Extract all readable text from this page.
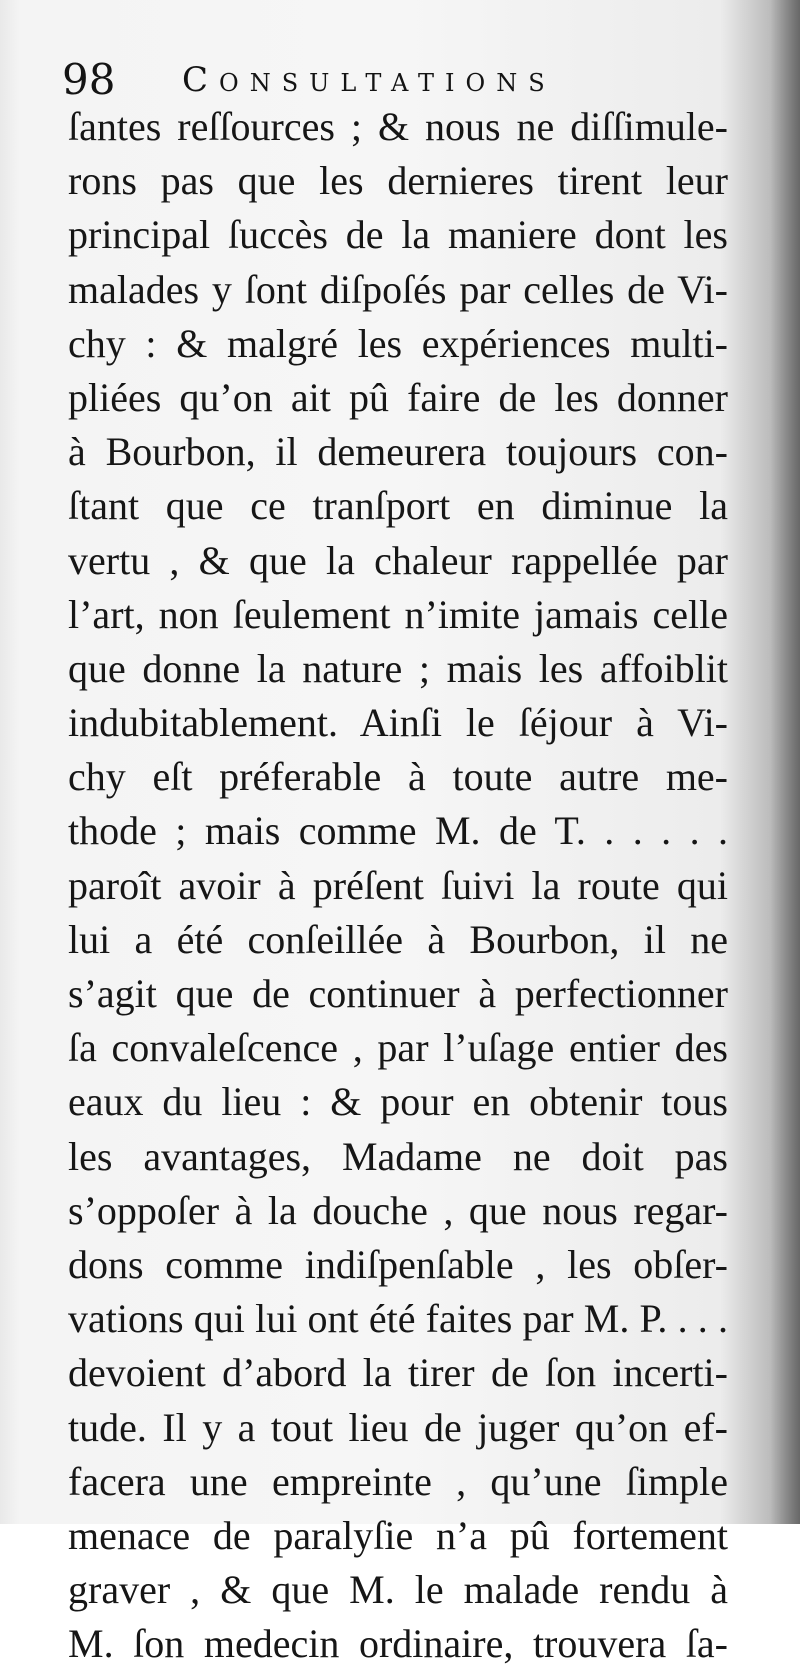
98 Consultations
ſantes reſſources ; & nous ne diſſimule-
rons pas que les dernieres tirent leur
principal ſuccès de la maniere dont les
malades y ſont diſpoſés par celles de Vi-
chy : & malgré les expériences multi-
pliées qu’on ait pû faire de les donner
à Bourbon, il demeurera toujours con-
ſtant que ce tranſport en diminue la
vertu , & que la chaleur rappellée par
l’art, non ſeulement n’imite jamais celle
que donne la nature ; mais les affoiblit
indubitablement. Ainſi le ſéjour à Vi-
chy eſt préferable à toute autre me-
thode ; mais comme M. de T. . . . . .
paroît avoir à préſent ſuivi la route qui
lui a été conſeillée à Bourbon, il ne
s’agit que de continuer à perfectionner
ſa convaleſcence , par l’uſage entier des
eaux du lieu : & pour en obtenir tous
les avantages, Madame ne doit pas
s’oppoſer à la douche , que nous regar-
dons comme indiſpenſable , les obſer-
vations qui lui ont été faites par M. P. . . .
devoient d’abord la tirer de ſon incerti-
tude. Il y a tout lieu de juger qu’on ef-
facera une empreinte , qu’une ſimple
menace de paralyſie n’a pû fortement
graver , & que M. le malade rendu à
M. ſon medecin ordinaire, trouvera ſa-
